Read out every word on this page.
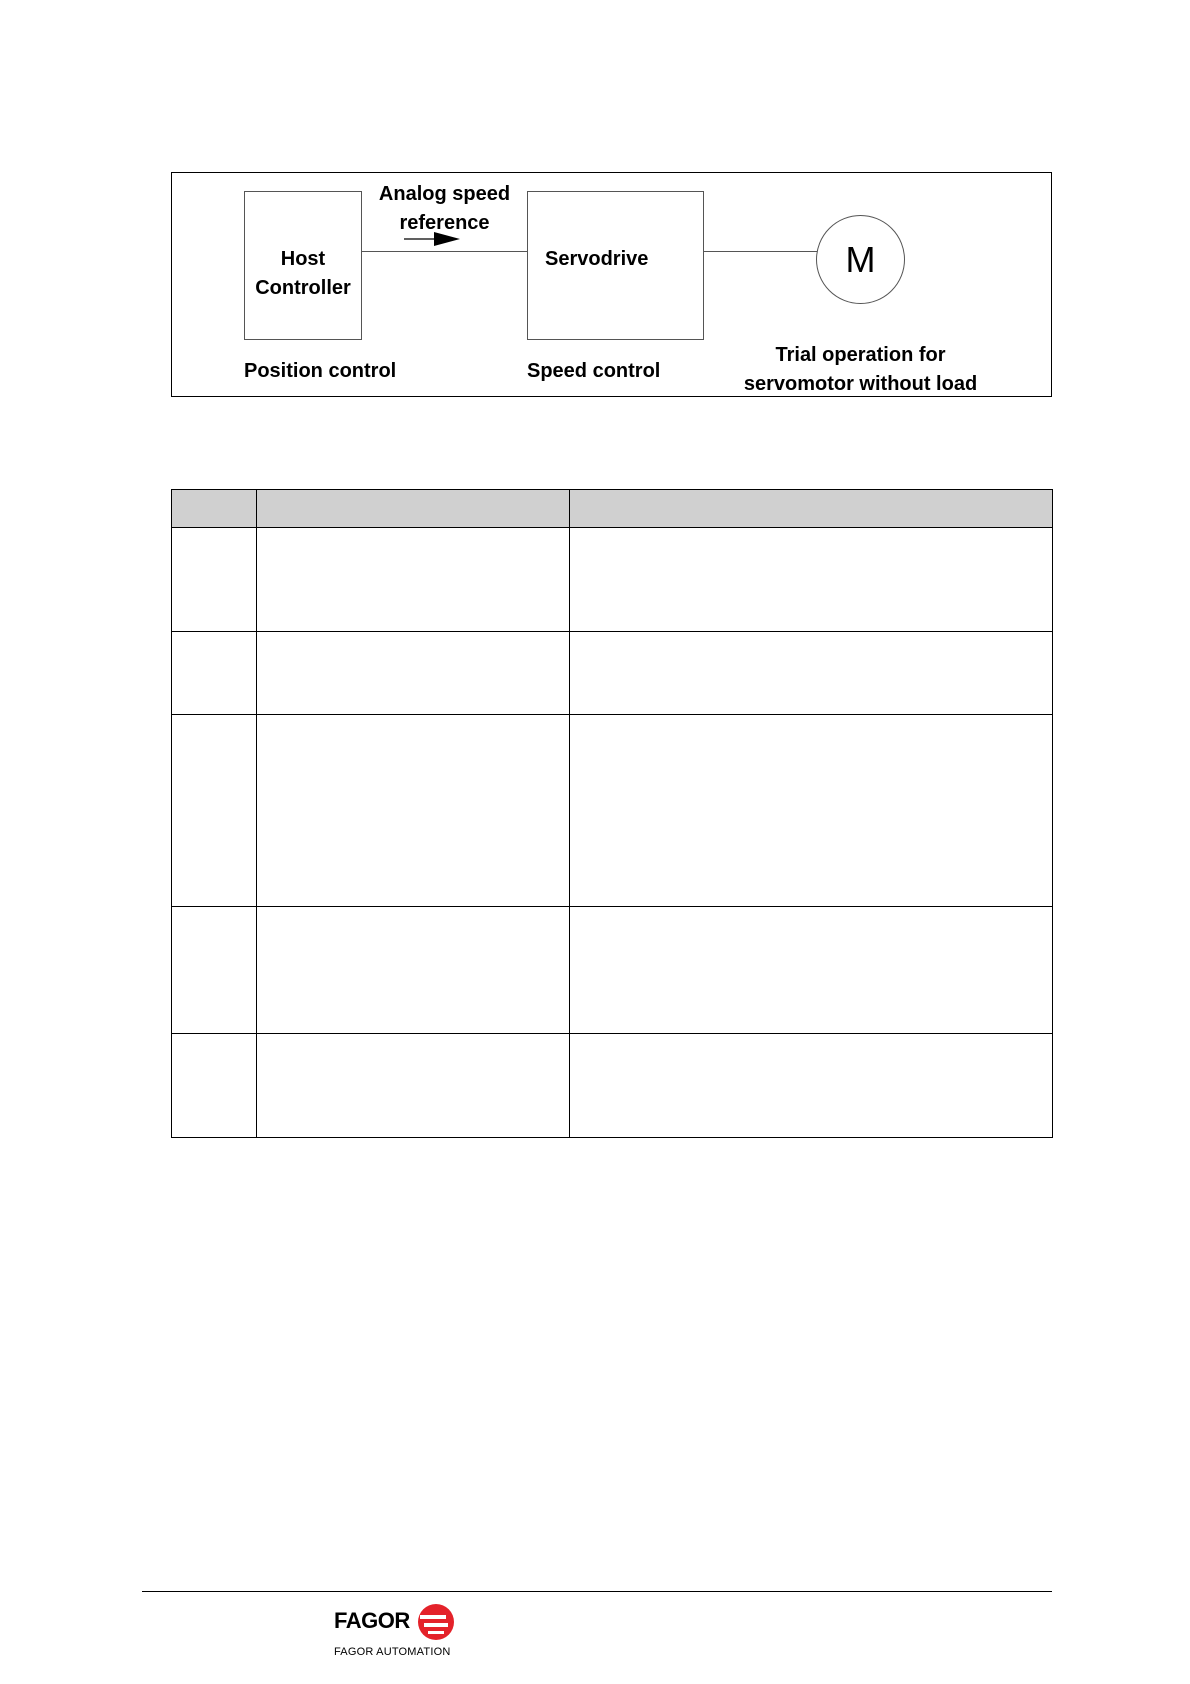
Host
Controller
Analog speed
reference
Servodrive	M
Position control	Speed control
Trial operation for
servomotor without load

FAGOR
FAGOR AUTOMATION
